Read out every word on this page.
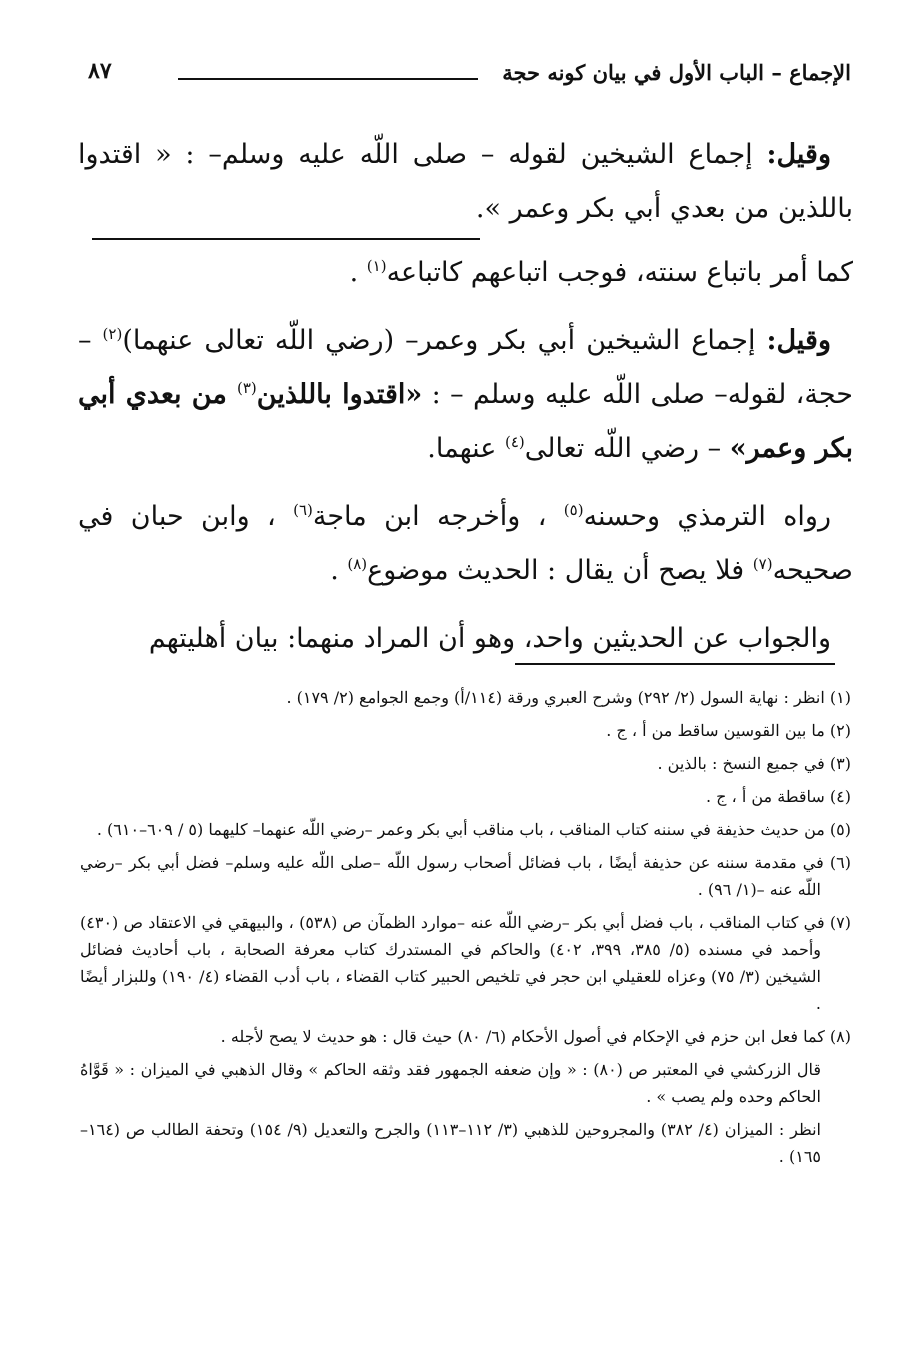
الإجماع – الباب الأول في بيان كونه حجة
٨٧

وقيل: إجماع الشيخين لقوله – صلى اللّه عليه وسلم– : « اقتدوا باللذين من بعدي أبي بكر وعمر ».

كما أمر باتباع سنته، فوجب اتباعهم كاتباعه$^{(١)}$ .

وقيل: إجماع الشيخين أبي بكر وعمر– (رضي اللّه تعالى عنهما)$^{(٢)}$ – حجة، لقوله– صلى اللّه عليه وسلم – : «اقتدوا باللذين$^{(٣)}$ من بعدي أبي بكر وعمر» – رضي اللّه تعالى$^{(٤)}$ عنهما.

رواه الترمذي وحسنه$^{(٥)}$ ، وأخرجه ابن ماجة$^{(٦)}$ ، وابن حبان في صحيحه$^{(٧)}$ فلا يصح أن يقال : الحديث موضوع$^{(٨)}$ .

والجواب عن الحديثين واحد، وهو أن المراد منهما: بيان أهليتهم

(١) انظر : نهاية السول (٢/ ٢٩٢) وشرح العبري ورقة (١١٤/أ) وجمع الجوامع (٢/ ١٧٩) .

(٢) ما بين القوسين ساقط من أ ، ج .

(٣) في جميع النسخ : بالذين .

(٤) ساقطة من أ ، ج .

(٥) من حديث حذيفة في سننه كتاب المناقب ، باب مناقب أبي بكر وعمر –رضي اللّه عنهما– كليهما (٥ / ٦٠٩–٦١٠) .

(٦) في مقدمة سننه عن حذيفة أيضًا ، باب فضائل أصحاب رسول اللّه –صلى اللّه عليه وسلم– فضل أبي بكر –رضي اللّه عنه –(١/ ٩٦) .

(٧) في كتاب المناقب ، باب فضل أبي بكر –رضي اللّه عنه –موارد الظمآن ص (٥٣٨) ، والبيهقي في الاعتقاد ص (٤٣٠) وأحمد في مسنده (٥/ ٣٨٥، ٣٩٩، ٤٠٢) والحاكم في المستدرك كتاب معرفة الصحابة ، باب أحاديث فضائل الشيخين (٣/ ٧٥) وعزاه للعقيلي ابن حجر في تلخيص الحبير كتاب القضاء ، باب أدب القضاء (٤/ ١٩٠) وللبزار أيضًا .

(٨) كما فعل ابن حزم في الإحكام في أصول الأحكام (٦/ ٨٠) حيث قال : هو حديث لا يصح لأجله .

قال الزركشي في المعتبر ص (٨٠) : « وإن ضعفه الجمهور فقد وثقه الحاكم » وقال الذهبي في الميزان : « قَوَّاهُ الحاكم وحده ولم يصب » .

انظر : الميزان (٤/ ٣٨٢) والمجروحين للذهبي (٣/ ١١٢–١١٣) والجرح والتعديل (٩/ ١٥٤) وتحفة الطالب ص (١٦٤–١٦٥) .
